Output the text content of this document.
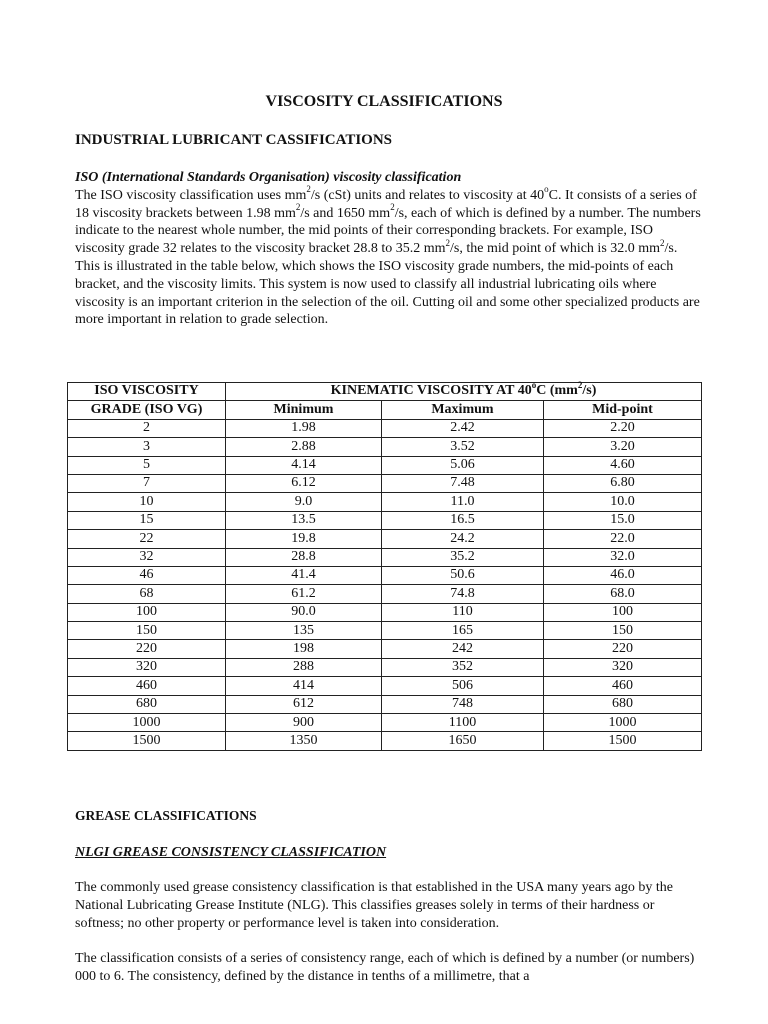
VISCOSITY CLASSIFICATIONS
INDUSTRIAL LUBRICANT CASSIFICATIONS
ISO (International Standards Organisation) viscosity classification

The ISO viscosity classification uses $mm^2/s$ (cSt) units and relates to viscosity at 40$^o$C. It consists of a series of 18 viscosity brackets between 1.98 $mm^2/s$ and 1650 $mm^2/s$, each of which is defined by a number. The numbers indicate to the nearest whole number, the mid points of their corresponding brackets. For example, ISO viscosity grade 32 relates to the viscosity bracket 28.8 to 35.2 $mm^2/s$, the mid point of which is 32.0 $mm^2/s$. This is illustrated in the table below, which shows the ISO viscosity grade numbers, the mid-points of each bracket, and the viscosity limits. This system is now used to classify all industrial lubricating oils where viscosity is an important criterion in the selection of the oil. Cutting oil and some other specialized products are more important in relation to grade selection.

ISO VISCOSITY	KINEMATIC VISCOSITY AT 40$^o$C $(mm^2/s)$		
GRADE (ISO VG)	Minimum	Maximum	Mid-point
2	1.98	2.42	2.20
3	2.88	3.52	3.20
5	4.14	5.06	4.60
7	6.12	7.48	6.80
10	9.0	11.0	10.0
15	13.5	16.5	15.0
22	19.8	24.2	22.0
32	28.8	35.2	32.0
46	41.4	50.6	46.0
68	61.2	74.8	68.0
100	90.0	110	100
150	135	165	150
220	198	242	220
320	288	352	320
460	414	506	460
680	612	748	680
1000	900	1100	1000
1500	1350	1650	1500
GREASE CLASSIFICATIONS
NLGI GREASE CONSISTENCY CLASSIFICATION

The commonly used grease consistency classification is that established in the USA many years ago by the National Lubricating Grease Institute (NLG). This classifies greases solely in terms of their hardness or softness; no other property or performance level is taken into consideration.

The classification consists of a series of consistency range, each of which is defined by a number (or numbers) 000 to 6. The consistency, defined by the distance in tenths of a millimetre, that a
